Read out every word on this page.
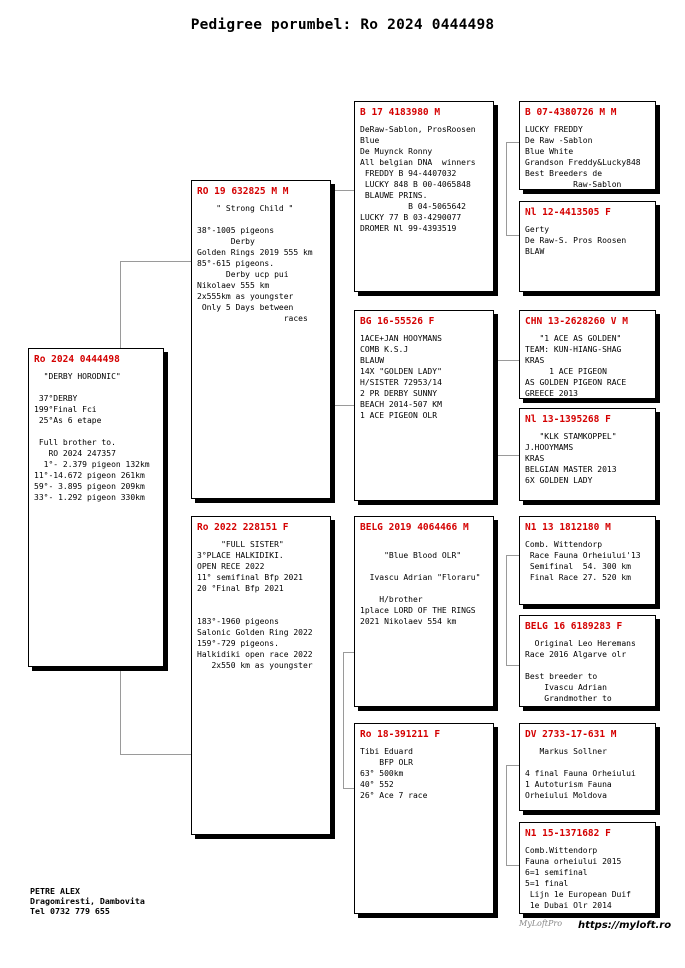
Pedigree porumbel: Ro 2024 0444498
Ro 2024 0444498
"DERBY HORODNIC"

37°DERBY
199°Final Fci
25°As 6 etape

Full brother to.
RO 2024 247357
1°- 2.379 pigeon 132km
11°-14.672 pigeon 261km
59°- 3.895 pigeon 209km
33°- 1.292 pigeon 330km
RO 19 632825 M M
" Strong Child "

38°-1005 pigeons
Derby
Golden Rings 2019 555 km
85°-615 pigeons.
Derby ucp pui
Nikolaev 555 km
2x555km as youngster
Only 5 Days between
races
Ro 2022 228151 F
"FULL SISTER"
3°PLACE HALKIDIKI.
OPEN RECE 2022
11° semifinal Bfp 2021
20 °Final Bfp 2021

183°-1960 pigeons
Salonic Golden Ring 2022
159°-729 pigeons.
Halkidiki open race 2022
2x550 km as youngster
B 17 4183980 M
DeRaw-Sablon, ProsRoosen
Blue
De Muynck Ronny
All belgian DNA  winners
FREDDY B 94-4407032
LUCKY 848 B 00-4065848
BLAUWE PRINS.
B 04-5065642
LUCKY 77 B 03-4290077
DROMER Nl 99-4393519
BG 16-55526 F
1ACE+JAN HOOYMANS
COMB K.S.J
BLAUW
14X "GOLDEN LADY"
H/SISTER 72953/14
2 PR DERBY SUNNY
BEACH 2014-507 KM
1 ACE PIGEON OLR
BELG 2019 4064466 M

"Blue Blood OLR"

Ivascu Adrian "Floraru"

H/brother
1place LORD OF THE RINGS
2021 Nikolaev 554 km
Ro 18-391211 F
Tibi Eduard
BFP OLR
63° 500km
40° 552
26° Ace 7 race
B 07-4380726 M M
LUCKY FREDDY
De Raw -Sablon
Blue White
Grandson Freddy&Lucky848
Best Breeders de
Raw-Sablon
Nl 12-4413505 F
Gerty
De Raw-S. Pros Roosen
BLAW
CHN 13-2628260 V M
"1 ACE AS GOLDEN"
TEAM: KUN-HIANG-SHAG
KRAS
1 ACE PIGEON
AS GOLDEN PIGEON RACE
GREECE 2013
Nl 13-1395268 F
"KLK STAMKOPPEL"
J.HOOYMAMS
KRAS
BELGIAN MASTER 2013
6X GOLDEN LADY
N1 13 1812180 M
Comb. Wittendorp
Race Fauna Orheiului'13
Semifinal  54. 300 km
Final Race 27. 520 km
BELG 16 6189283 F
Original Leo Heremans
Race 2016 Algarve olr

Best breeder to
Ivascu Adrian
Grandmother to
DV 2733-17-631 M
Markus Sollner

4 final Fauna Orheiului
1 Autoturism Fauna
Orheiului Moldova
N1 15-1371682 F
Comb.Wittendorp
Fauna orheiului 2015
6=1 semifinal
5=1 final
Lijn 1e European Duif
1e Dubai Olr 2014
PETRE ALEX
Dragomiresti, Dambovita
Tel 0732 779 655
MyLoftPro https://myloft.ro
